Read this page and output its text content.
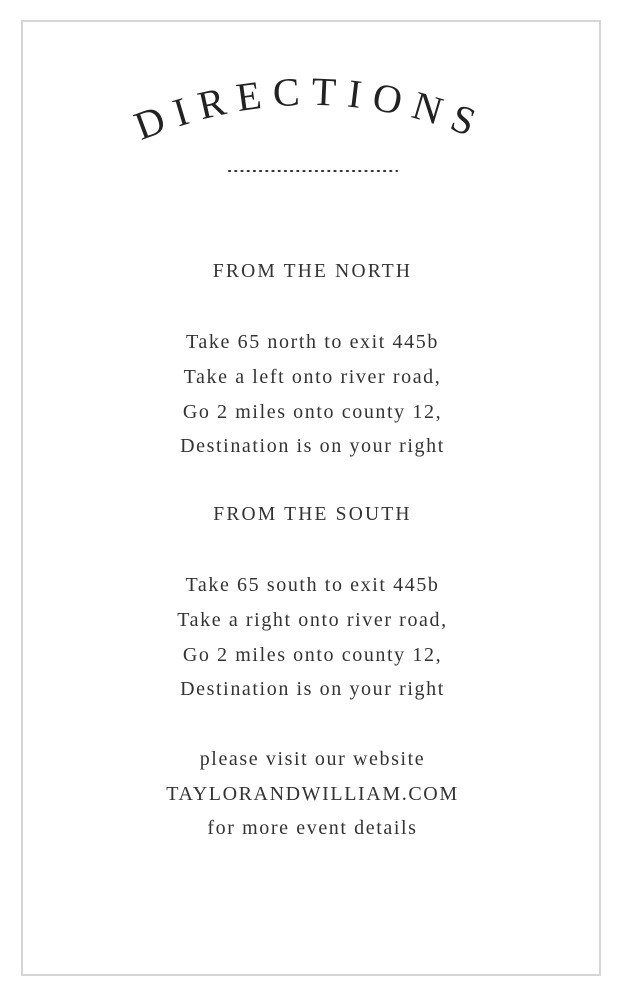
DIRECTIONS
FROM THE NORTH
Take 65 north to exit 445b
Take a left onto river road,
Go 2 miles onto county 12,
Destination is on your right
FROM THE SOUTH
Take 65 south to exit 445b
Take a right onto river road,
Go 2 miles onto county 12,
Destination is on your right
please visit our website
TAYLORANDWILLIAM.COM
for more event details
